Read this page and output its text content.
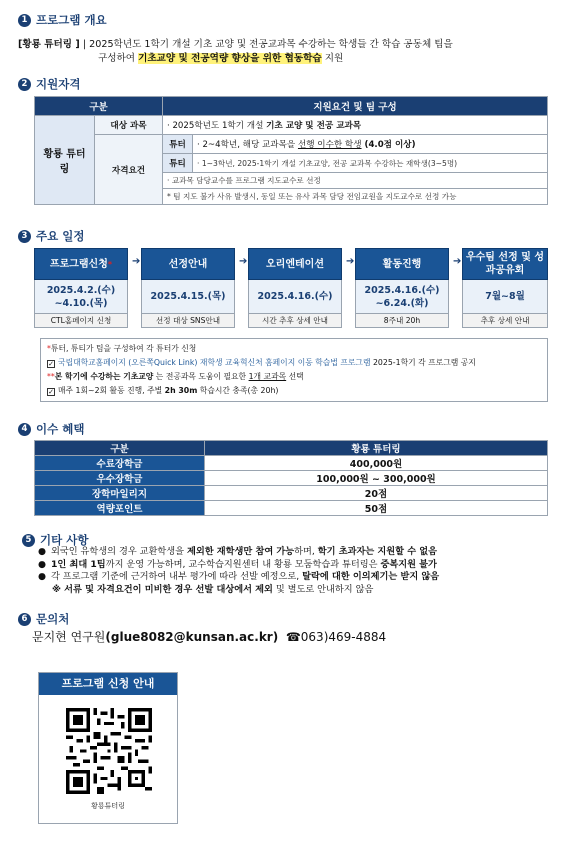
1 프로그램 개요
[황룡 튜터링 ] | 2025학년도 1학기 개설 기초 교양 및 전공교과목 수강하는 학생들 간 학습 공동체 팀을
구성하여 기초교양 및 전공역량 향상을 위한 협동학습 지원
2 지원자격
구분		지원요건 및 팀 구성	
황룡 튜터링	대상 과목	· 2025학년도 1학기 개설 기초 교양 및 전공 교과목	
	자격요건	튜터	· 2~4학년, 해당 교과목을 선행 이수한 학생 (4.0점 이상)
		튜티	· 1~3학년, 2025-1학기 개설 기초교양, 전공 교과목 수강하는 재학생(3~5명)
		· 교과목 담당교수를 프로그램 지도교수로 선정	
		* 팀 지도 불가 사유 발생시, 동일 또는 유사 과목 담당 전임교원을 지도교수로 선정 가능	
3 주요 일정
프로그램신청 *
2025.4.2.(수) ~4.10.(목)
CTL홈페이지 신청
➔	선정안내
2025.4.15.(목)
선정 대상 SNS안내
➔	오리엔테이션
2025.4.16.(수)
시간 추후 상세 안내
➔	활동진행
2025.4.16.(수) ~6.24.(화)
8주내 20h
➔ 우수팀 선정 및 성과공유회
7월~8월
추후 상세 안내
*튜터, 튜티가 팀을 구성하여 각 튜터가 신청
✓ 국립대학교홈페이지 (오른쪽Quick Link) 재학생 교육혁신처 홈페이지 이동 학습법 프로그램 2025-1학기 각 프로그램 공지
**본 학기에 수강하는 기초교양 는 전공과목 도움이 필요한 1개 교과목 선택
✓ 매주 1회~2회 활동 진행, 주별 2h 30m 학습시간 충족(총 20h)
4 이수 혜택
구분	황룡 튜터링
수료장학금	400,000원
우수장학금	100,000원 ~ 300,000원
장학마일리지	20점
역량포인트	50점
5 기타 사항
● 외국인 유학생의 경우 교환학생을 제외한 재학생만 참여 가능하며, 학기 초과자는 지원할 수 없음
● 1인 최대 1팀까지 운영 가능하며, 교수학습지원센터 내 황룡 모둠학습과 튜터링은 중복지원 불가
● 각 프로그램 기준에 근거하여 내부 평가에 따라 선발 예정으로, 탈락에 대한 이의제기는 받지 않음
※ 서류 및 자격요건이 미비한 경우 선발 대상에서 제외 및 별도로 안내하지 않음
6 문의처
문지현 연구원(glue8082@kunsan.ac.kr) ☎063)469-4884
프로그램 신청 안내
황룡튜터링
